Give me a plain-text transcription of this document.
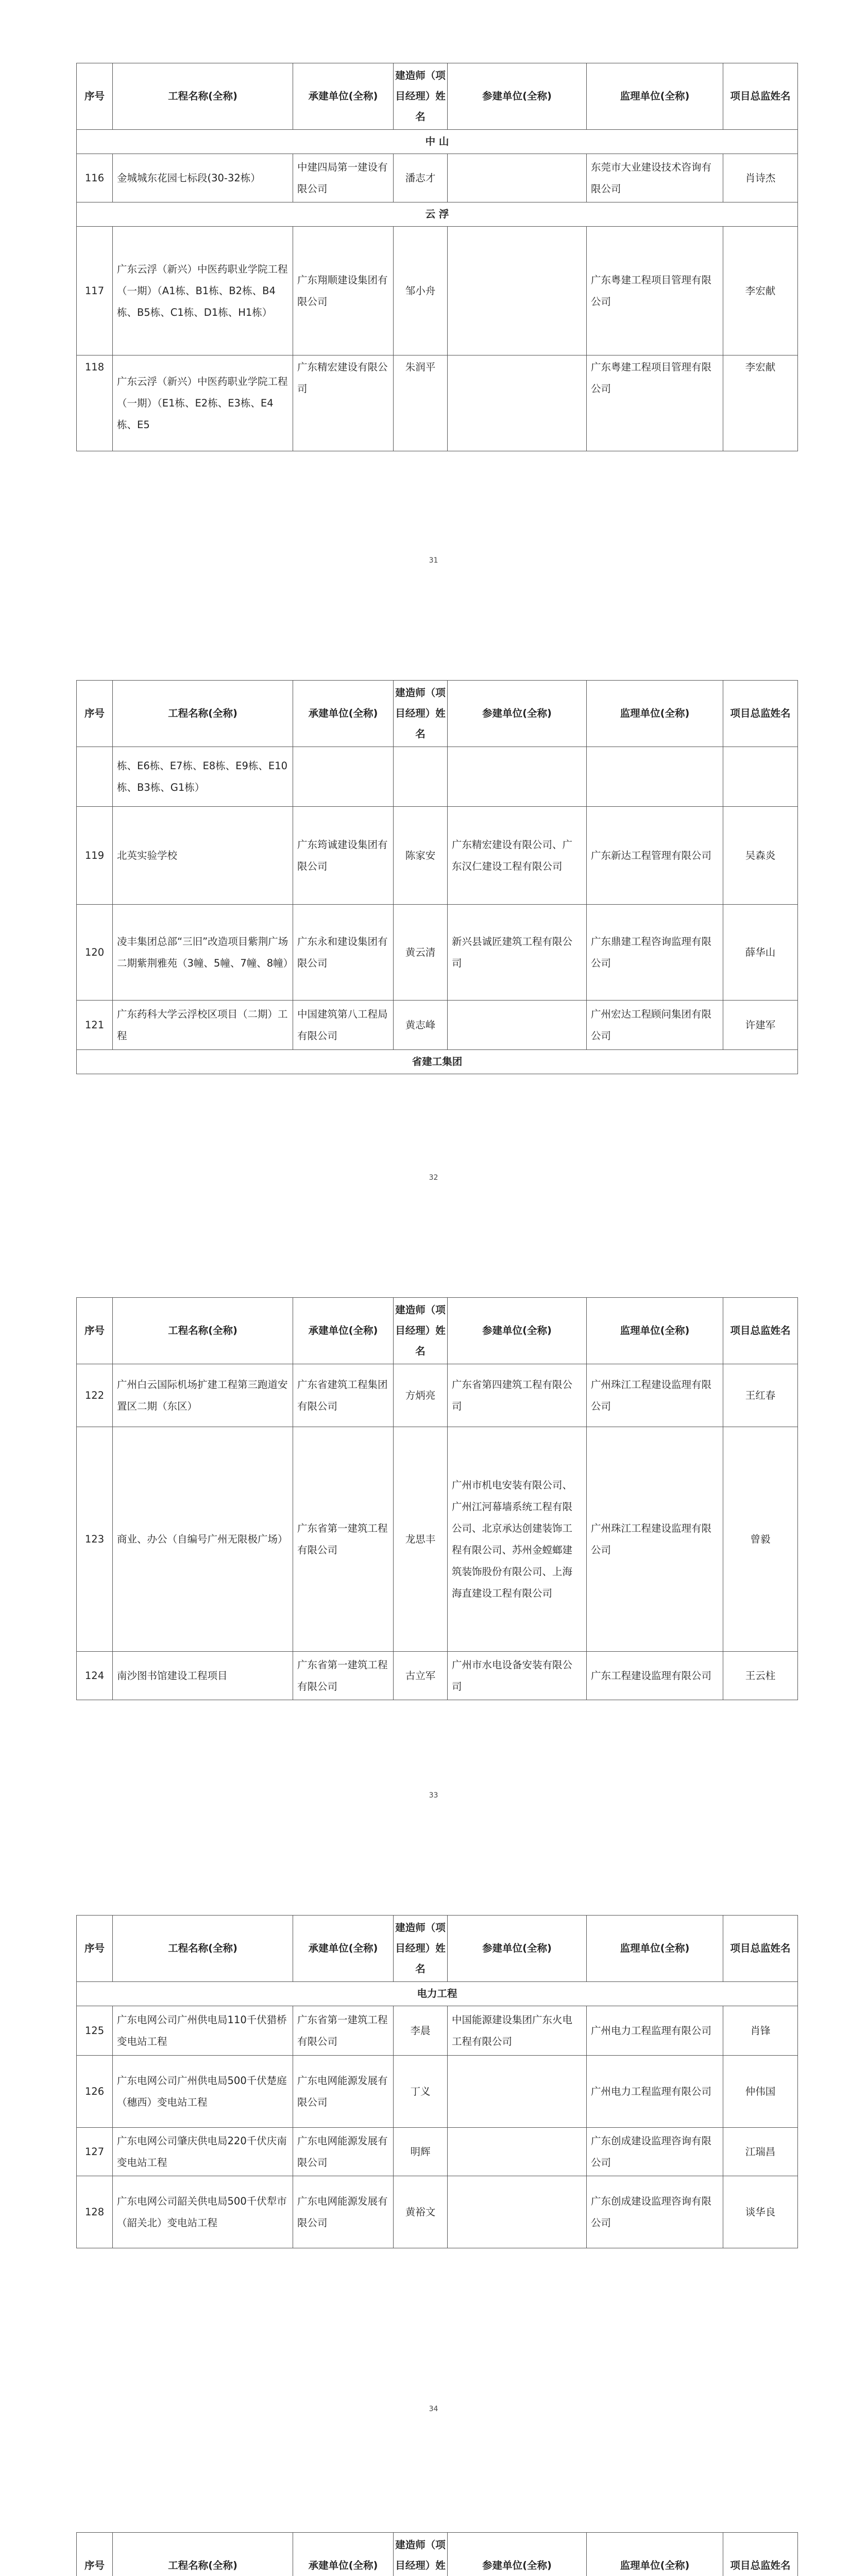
序号	工程名称(全称)	承建单位(全称)	建造师（项目经理）姓名	参建单位(全称)	监理单位(全称)	项目总监姓名
中 山						
116	金城城东花园七标段(30-32栋）	中建四局第一建设有限公司	潘志才		东莞市大业建设技术咨询有限公司	肖诗杰
云 浮						
117	广东云浮（新兴）中医药职业学院工程（一期）（A1栋、B1栋、B2栋、B4栋、B5栋、C1栋、D1栋、H1栋）	广东翔顺建设集团有限公司	邹小舟		广东粤建工程项目管理有限公司	李宏献
118	广东云浮（新兴）中医药职业学院工程（一期）（E1栋、E2栋、E3栋、E4栋、E5	广东精宏建设有限公司	朱润平		广东粤建工程项目管理有限公司	李宏献
31
序号	工程名称(全称)	承建单位(全称)	建造师（项目经理）姓名	参建单位(全称)	监理单位(全称)	项目总监姓名
	栋、E6栋、E7栋、E8栋、E9栋、E10栋、B3栋、G1栋）					
119	北英实验学校	广东筠诚建设集团有限公司	陈家安	广东精宏建设有限公司、广东汉仁建设工程有限公司	广东新达工程管理有限公司	吴森炎
120	凌丰集团总部“三旧”改造项目紫荆广场二期紫荆雅苑（3幢、5幢、7幢、8幢）	广东永和建设集团有限公司	黄云清	新兴县诚匠建筑工程有限公司	广东鼎建工程咨询监理有限公司	薛华山
121	广东药科大学云浮校区项目（二期）工程	中国建筑第八工程局有限公司	黄志峰		广州宏达工程顾问集团有限公司	许建军
省建工集团						
32
序号	工程名称(全称)	承建单位(全称)	建造师（项目经理）姓名	参建单位(全称)	监理单位(全称)	项目总监姓名
122	广州白云国际机场扩建工程第三跑道安置区二期（东区）	广东省建筑工程集团有限公司	方炳亮	广东省第四建筑工程有限公司	广州珠江工程建设监理有限公司	王红春
123	商业、办公（自编号广州无限极广场）	广东省第一建筑工程有限公司	龙思丰	广州市机电安装有限公司、广州江河幕墙系统工程有限公司、北京承达创建装饰工程有限公司、苏州金螳螂建筑装饰股份有限公司、上海海直建设工程有限公司	广州珠江工程建设监理有限公司	曾毅
124	南沙图书馆建设工程项目	广东省第一建筑工程有限公司	古立军	广州市水电设备安装有限公司	广东工程建设监理有限公司	王云柱
33
序号	工程名称(全称)	承建单位(全称)	建造师（项目经理）姓名	参建单位(全称)	监理单位(全称)	项目总监姓名
电力工程						
125	广东电网公司广州供电局110千伏猎桥变电站工程	广东省第一建筑工程有限公司	李晨	中国能源建设集团广东火电工程有限公司	广州电力工程监理有限公司	肖锋
126	广东电网公司广州供电局500千伏楚庭（穗西）变电站工程	广东电网能源发展有限公司	丁义		广州电力工程监理有限公司	仲伟国
127	广东电网公司肇庆供电局220千伏庆南变电站工程	广东电网能源发展有限公司	明辉		广东创成建设监理咨询有限公司	江瑞昌
128	广东电网公司韶关供电局500千伏犁市（韶关北）变电站工程	广东电网能源发展有限公司	黄裕文		广东创成建设监理咨询有限公司	谈华良
34
序号	工程名称(全称)	承建单位(全称)	建造师（项目经理）姓	参建单位(全称)	监理单位(全称)	项目总监姓名
